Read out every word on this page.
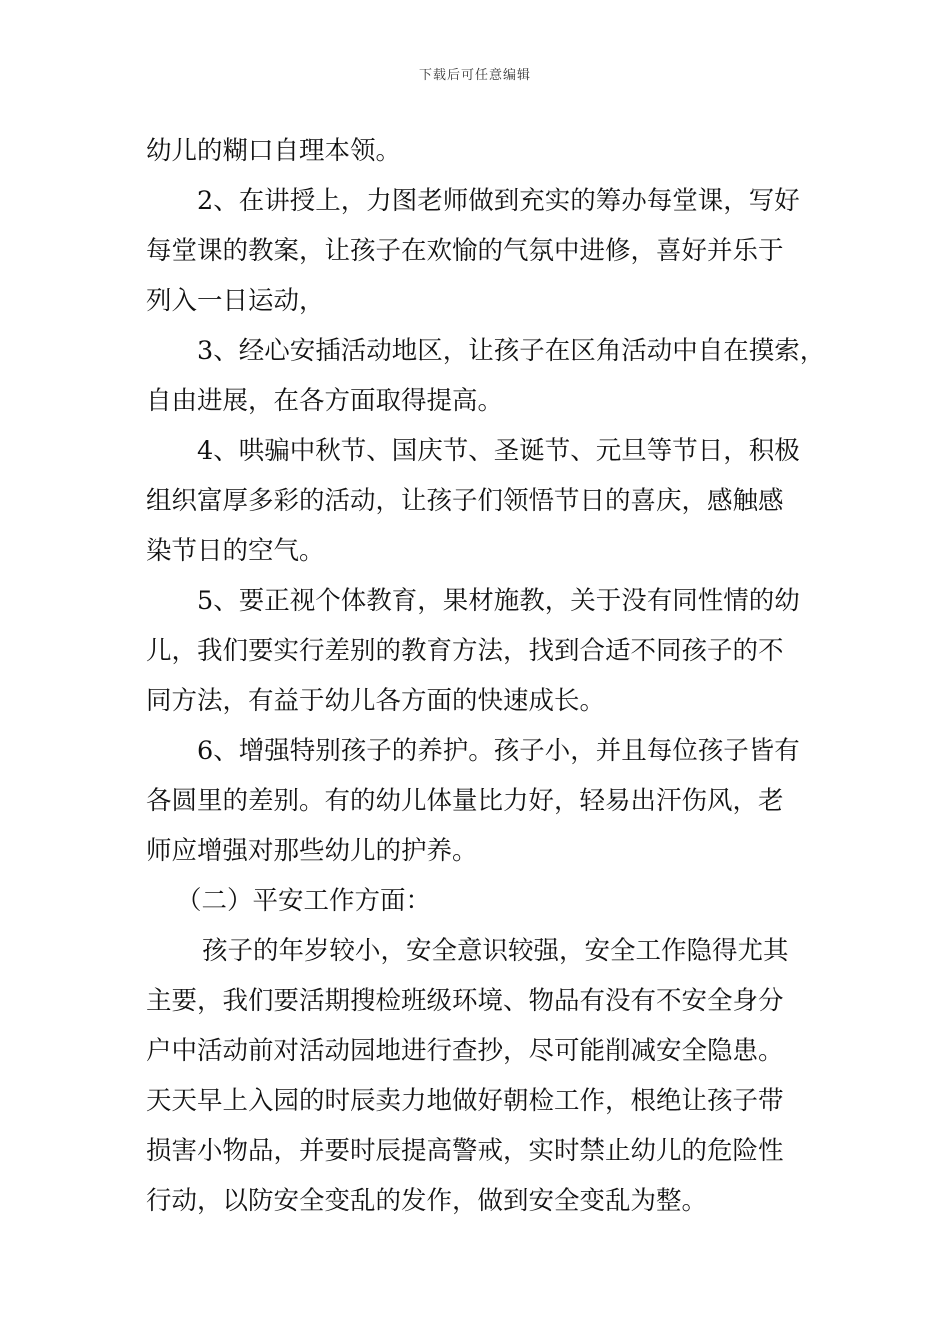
下载后可任意编辑
幼儿的糊口自理本领。
2、在讲授上，力图老师做到充实的筹办每堂课，写好
每堂课的教案，让孩子在欢愉的气氛中进修，喜好并乐于
列入一日运动，
3、经心安插活动地区，让孩子在区角活动中自在摸索，
自由进展，在各方面取得提高。
4、哄骗中秋节、国庆节、圣诞节、元旦等节日，积极
组织富厚多彩的活动，让孩子们领悟节日的喜庆，感触感
染节日的空气。
5、要正视个体教育，果材施教，关于没有同性情的幼
儿，我们要实行差别的教育方法，找到合适不同孩子的不
同方法，有益于幼儿各方面的快速成长。
6、增强特别孩子的养护。孩子小，并且每位孩子皆有
各圆里的差别。有的幼儿体量比力好，轻易出汗伤风，老
师应增强对那些幼儿的护养。
（二）平安工作方面：
孩子的年岁较小，安全意识较强，安全工作隐得尤其
主要，我们要活期搜检班级环境、物品有没有不安全身分
户中活动前对活动园地进行查抄，尽可能削减安全隐患。
天天早上入园的时辰卖力地做好朝检工作，根绝让孩子带
损害小物品，并要时辰提高警戒，实时禁止幼儿的危险性
行动，以防安全变乱的发作，做到安全变乱为整。
